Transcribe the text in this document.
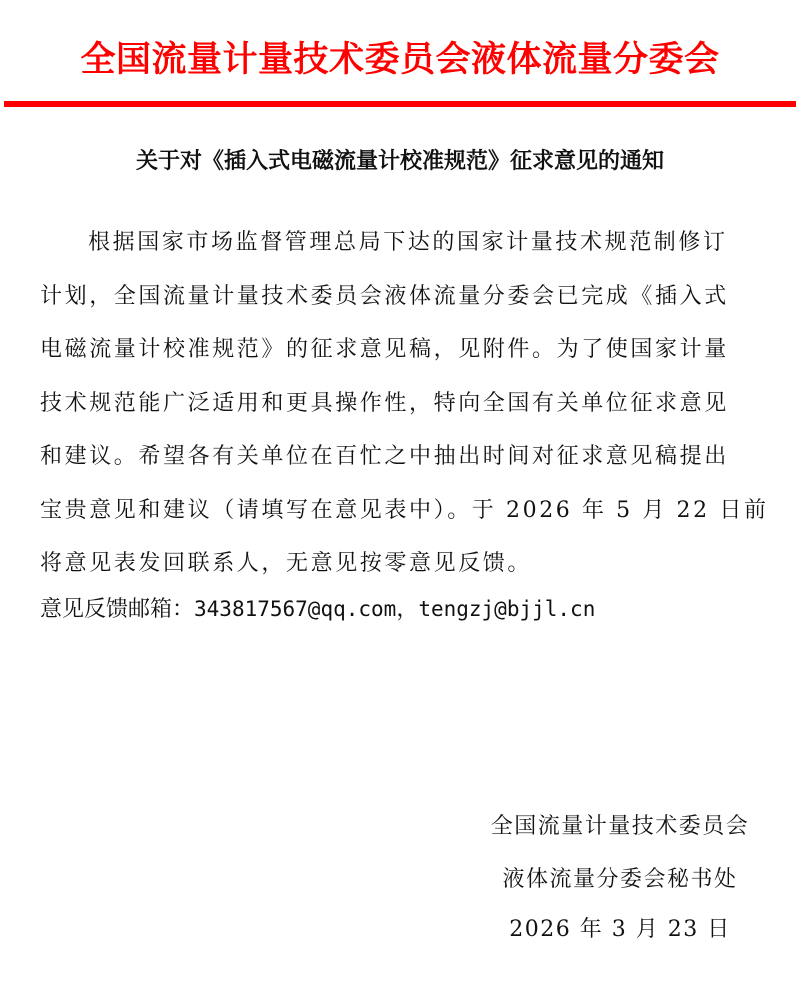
全国流量计量技术委员会液体流量分委会
关于对《插入式电磁流量计校准规范》征求意见的通知
根据国家市场监督管理总局下达的国家计量技术规范制修订
计划，全国流量计量技术委员会液体流量分委会已完成《插入式
电磁流量计校准规范》的征求意见稿，见附件。为了使国家计量
技术规范能广泛适用和更具操作性，特向全国有关单位征求意见
和建议。希望各有关单位在百忙之中抽出时间对征求意见稿提出
宝贵意见和建议（请填写在意见表中）。于 2026 年 5 月 22 日前
将意见表发回联系人，无意见按零意见反馈。
意见反馈邮箱：343817567@qq.com，tengzj@bjjl.cn
全国流量计量技术委员会
液体流量分委会秘书处
2026 年 3 月 23 日
